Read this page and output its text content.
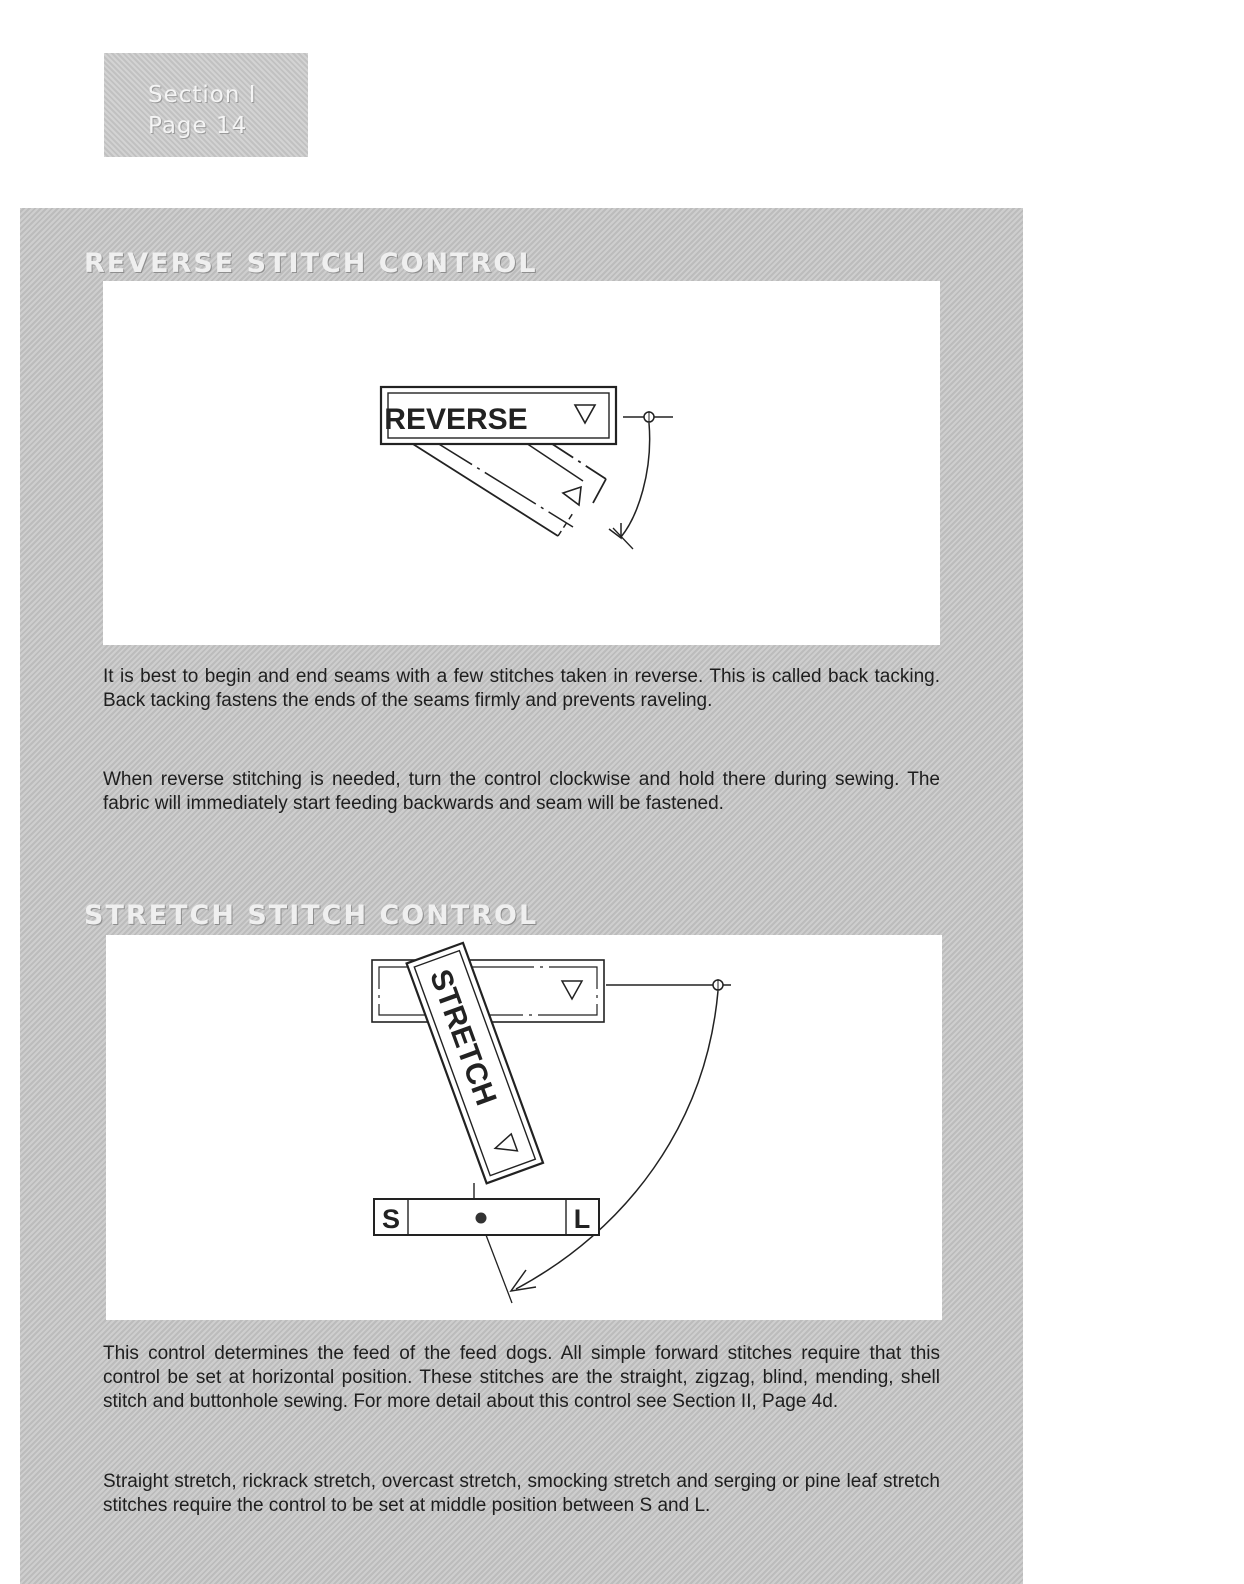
Section I
Page 14
REVERSE STITCH CONTROL
REVERSE
It is best to begin and end seams with a few stitches taken in reverse. This is called back tacking. Back tacking fastens the ends of the seams firmly and prevents raveling.
When reverse stitching is needed, turn the control clockwise and hold there during sewing. The fabric will immediately start feeding backwards and seam will be fastened.
STRETCH STITCH CONTROL
STRETCH
S	L
This control determines the feed of the feed dogs. All simple forward stitches require that this control be set at horizontal position. These stitches are the straight, zigzag, blind, mending, shell stitch and buttonhole sewing. For more detail about this control see Section II, Page 4d.
Straight stretch, rickrack stretch, overcast stretch, smocking stretch and serging or pine leaf stretch stitches require the control to be set at middle position between S and L.
